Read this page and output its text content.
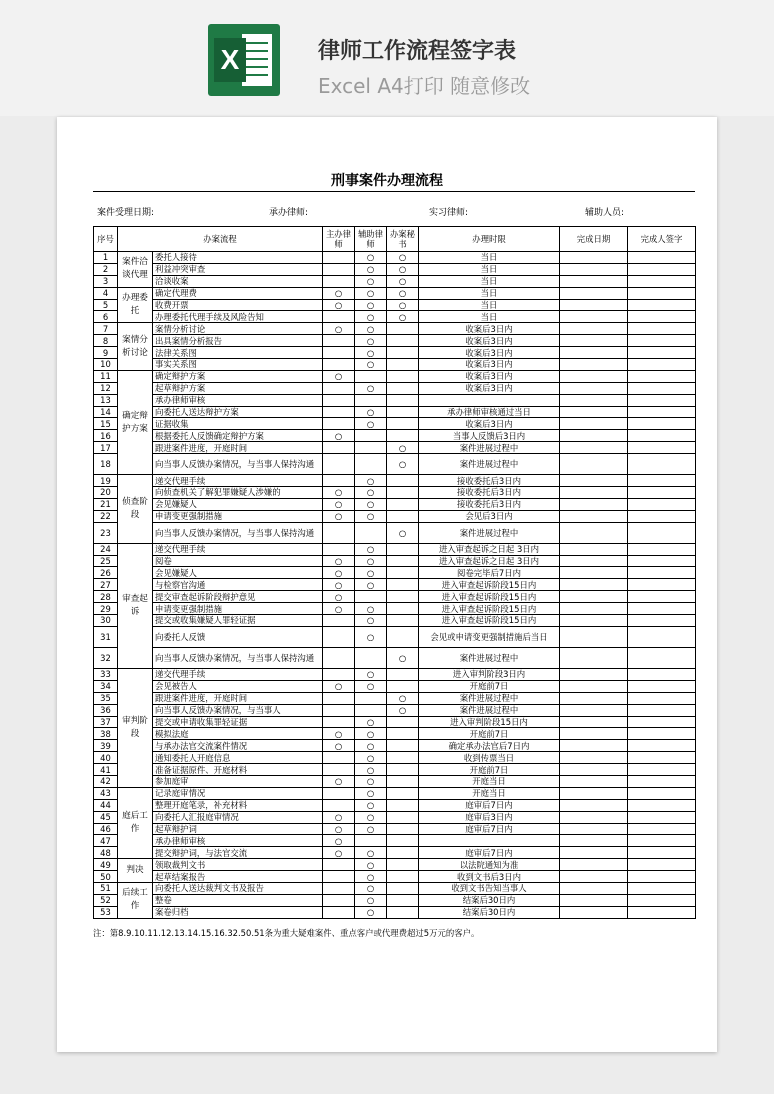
X	律师工作流程签字表
Excel A4打印 随意修改
刑事案件办理流程
案件受理日期:	承办律师:	实习律师:	辅助人员:
序号	办案流程		主办律师	辅助律师	办案秘书	办理时限	完成日期	完成人签字
1	案件洽谈代理	委托人接待		○	○	当日		
2		利益冲突审查		○	○	当日		
3		洽谈收案		○	○	当日		
4	办理委托	确定代理费	○	○	○	当日		
5		收费开票	○	○	○	当日		
6		办理委托代理手续及风险告知		○	○	当日		
7	案情分析讨论	案情分析讨论	○	○		收案后3日内		
8		出具案情分析报告		○		收案后3日内		
9		法律关系图		○		收案后3日内		
10		事实关系图		○		收案后3日内		
11	确定辩护方案	确定辩护方案	○			收案后3日内		
12		起草辩护方案		○		收案后3日内		
13		承办律师审核						
14		向委托人送达辩护方案		○		承办律师审核通过当日		
15		证据收集		○		收案后3日内		
16		根据委托人反馈确定辩护方案	○			当事人反馈后3日内		
17		跟进案件进度，开庭时间			○	案件进展过程中		
18		向当事人反馈办案情况，与当事人保持沟通			○	案件进展过程中		
19	侦查阶段	递交代理手续		○		接收委托后3日内		
20		向侦查机关了解犯罪嫌疑人涉嫌的	○	○		接收委托后3日内		
21		会见嫌疑人	○	○		接收委托后3日内		
22		申请变更强制措施	○	○		会见后3日内		
23		向当事人反馈办案情况，与当事人保持沟通			○	案件进展过程中		
24	审查起诉	递交代理手续		○		进入审查起诉之日起 3日内		
25		阅卷	○	○		进入审查起诉之日起 3日内		
26		会见嫌疑人	○	○		阅卷完毕后7日内		
27		与检察官沟通	○	○		进入审查起诉阶段15日内		
28		提交审查起诉阶段辩护意见	○			进入审查起诉阶段15日内		
29		申请变更强制措施	○	○		进入审查起诉阶段15日内		
30		提交或收集嫌疑人罪轻证据		○		进入审查起诉阶段15日内		
31		向委托人反馈		○		会见或申请变更强制措施后当日		
32		向当事人反馈办案情况，与当事人保持沟通			○	案件进展过程中		
33	审判阶段	递交代理手续		○		进入审判阶段3日内		
34		会见被告人	○	○		开庭前7日		
35		跟进案件进度，开庭时间			○	案件进展过程中		
36		向当事人反馈办案情况，与当事人			○	案件进展过程中		
37		提交或申请收集罪轻证据		○		进入审判阶段15日内		
38		模拟法庭	○	○		开庭前7日		
39		与承办法官交流案件情况	○	○		确定承办法官后7日内		
40		通知委托人开庭信息		○		收到传票当日		
41		准备证据原件、开庭材料		○		开庭前7日		
42		参加庭审	○	○		开庭当日		
43	庭后工作	记录庭审情况		○		开庭当日		
44		整理开庭笔录，补充材料		○		庭审后7日内		
45		向委托人汇报庭审情况	○	○		庭审后3日内		
46		起草辩护词	○	○		庭审后7日内		
47		承办律师审核	○					
48		提交辩护词，与法官交流	○	○		庭审后7日内		
49	判决	领取裁判文书		○		以法院通知为准		
50		起草结案报告		○		收到文书后3日内		
51	后续工作	向委托人送达裁判文书及报告		○		收到文书告知当事人		
52		整卷		○		结案后30日内		
53		案卷归档		○		结案后30日内		
注：第8.9.10.11.12.13.14.15.16.32.50.51条为重大疑难案件、重点客户或代理费超过5万元的客户。
